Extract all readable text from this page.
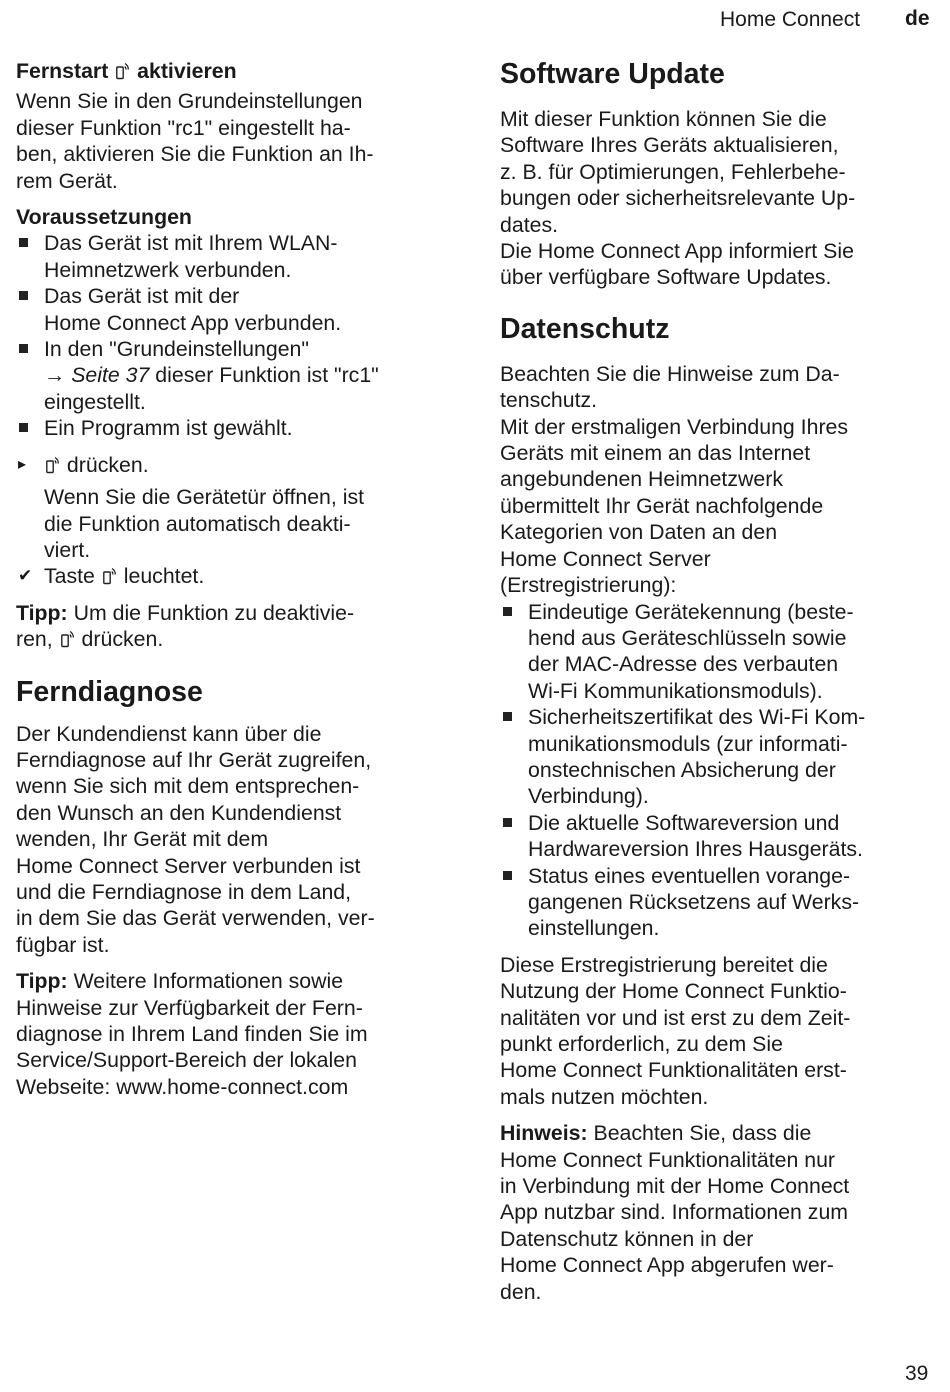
Home Connect de

Fernstart aktivieren

Wenn Sie in den Grundeinstellungen
dieser Funktion "rc1" eingestellt ha-
ben, aktivieren Sie die Funktion an Ih-
rem Gerät.

Voraussetzungen

Das Gerät ist mit Ihrem WLAN-
Heimnetzwerk verbunden.
Das Gerät ist mit der
Home Connect App verbunden.
In den "Grundeinstellungen"
→ Seite 37 dieser Funktion ist "rc1"
eingestellt.
Ein Programm ist gewählt.

▸ drücken.

Wenn Sie die Gerätetür öffnen, ist
die Funktion automatisch deakti-
viert.

✔ Taste leuchtet.

Tipp: Um die Funktion zu deaktivie-
ren, drücken.

Ferndiagnose

Der Kundendienst kann über die
Ferndiagnose auf Ihr Gerät zugreifen,
wenn Sie sich mit dem entsprechen-
den Wunsch an den Kundendienst
wenden, Ihr Gerät mit dem
Home Connect Server verbunden ist
und die Ferndiagnose in dem Land,
in dem Sie das Gerät verwenden, ver-
fügbar ist.

Tipp: Weitere Informationen sowie
Hinweise zur Verfügbarkeit der Fern-
diagnose in Ihrem Land finden Sie im
Service/Support-Bereich der lokalen
Webseite: www.home-connect.com

Software Update

Mit dieser Funktion können Sie die
Software Ihres Geräts aktualisieren,
z. B. für Optimierungen, Fehlerbehe-
bungen oder sicherheitsrelevante Up-
dates.
Die Home Connect App informiert Sie
über verfügbare Software Updates.

Datenschutz

Beachten Sie die Hinweise zum Da-
tenschutz.
Mit der erstmaligen Verbindung Ihres
Geräts mit einem an das Internet
angebundenen Heimnetzwerk
übermittelt Ihr Gerät nachfolgende
Kategorien von Daten an den
Home Connect Server
(Erstregistrierung):

Eindeutige Gerätekennung (beste-
hend aus Geräteschlüsseln sowie
der MAC-Adresse des verbauten
Wi-Fi Kommunikationsmoduls).
Sicherheitszertifikat des Wi-Fi Kom-
munikationsmoduls (zur informati-
onstechnischen Absicherung der
Verbindung).
Die aktuelle Softwareversion und
Hardwareversion Ihres Hausgeräts.
Status eines eventuellen vorange-
gangenen Rücksetzens auf Werks-
einstellungen.

Diese Erstregistrierung bereitet die
Nutzung der Home Connect Funktio-
nalitäten vor und ist erst zu dem Zeit-
punkt erforderlich, zu dem Sie
Home Connect Funktionalitäten erst-
mals nutzen möchten.

Hinweis: Beachten Sie, dass die
Home Connect Funktionalitäten nur
in Verbindung mit der Home Connect
App nutzbar sind. Informationen zum
Datenschutz können in der
Home Connect App abgerufen wer-
den.

39
